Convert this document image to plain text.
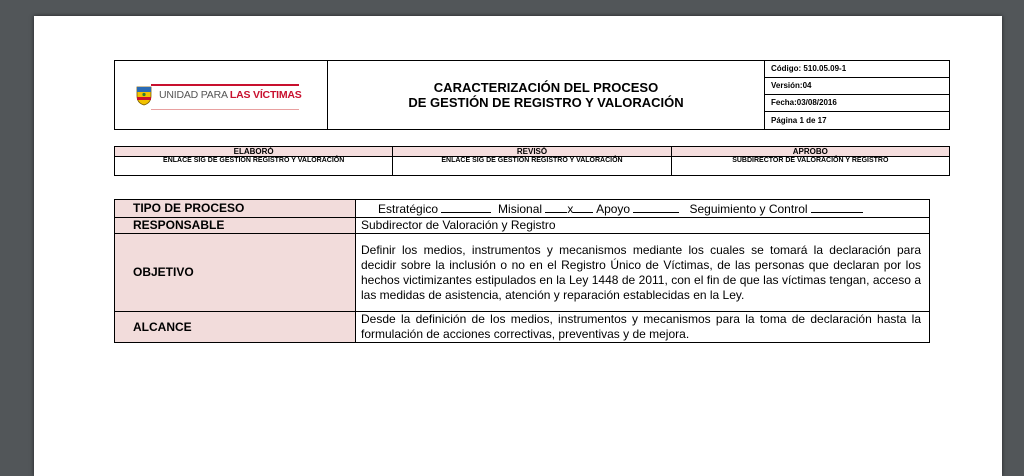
UNIDAD PARA LAS VÍCTIMAS	CARACTERIZACIÓN DEL PROCESO
DE GESTIÓN DE REGISTRO Y VALORACIÓN

Código: 510.05.09-1
Versión:04
Fecha:03/08/2016
Página 1 de 17

ELABORÓ	REVISÓ	APROBO
ENLACE SIG DE GESTION REGISTRO Y VALORACIÓN	ENLACE SIG DE GESTION REGISTRO Y VALORACIÓN	SUBDIRECTOR DE VALORACIÓN Y REGISTRO
TIPO DE PROCESO	Estratégico Misional x Apoyo Seguimiento y Control
RESPONSABLE	Subdirector de Valoración y Registro
OBJETIVO	Definir los medios, instrumentos y mecanismos mediante los cuales se tomará la declaración para decidir sobre la inclusión o no en el Registro Único de Víctimas, de las personas que declaran por los hechos victimizantes estipulados en la Ley 1448 de 2011, con el fin de que las víctimas tengan, acceso a las medidas de asistencia, atención y reparación establecidas en la Ley.
ALCANCE	Desde la definición de los medios, instrumentos y mecanismos para la toma de declaración hasta la formulación de acciones correctivas, preventivas y de mejora.
